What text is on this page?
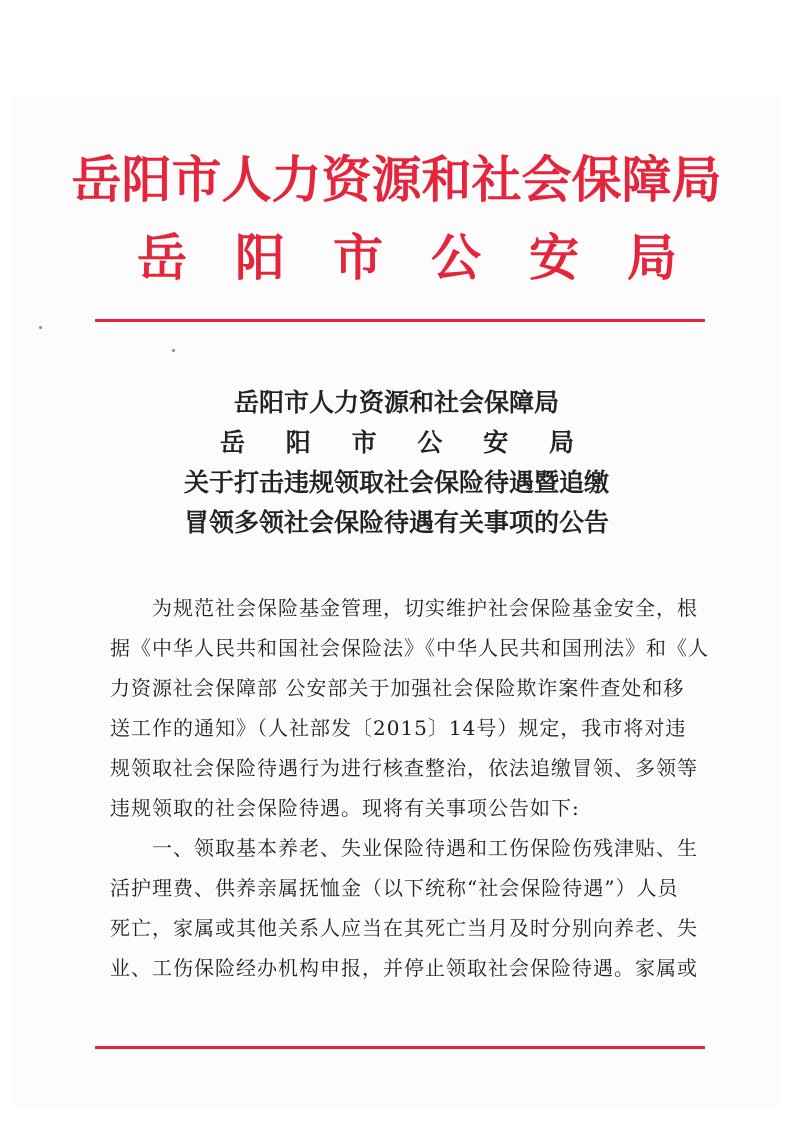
岳阳市人力资源和社会保障局
岳 阳 市 公 安 局
岳阳市人力资源和社会保障局
岳 阳 市 公 安 局
关于打击违规领取社会保险待遇暨追缴
冒领多领社会保险待遇有关事项的公告
　　为规范社会保险基金管理，切实维护社会保险基金安全，根
据《中华人民共和国社会保险法》《中华人民共和国刑法》和《人
力资源社会保障部 公安部关于加强社会保险欺诈案件查处和移
送工作的通知》（人社部发〔2015〕14号）规定，我市将对违
规领取社会保险待遇行为进行核查整治，依法追缴冒领、多领等
违规领取的社会保险待遇。现将有关事项公告如下:
　　一、领取基本养老、失业保险待遇和工伤保险伤残津贴、生
活护理费、供养亲属抚恤金（以下统称“社会保险待遇”）人员
死亡，家属或其他关系人应当在其死亡当月及时分别向养老、失
业、工伤保险经办机构申报，并停止领取社会保险待遇。家属或
